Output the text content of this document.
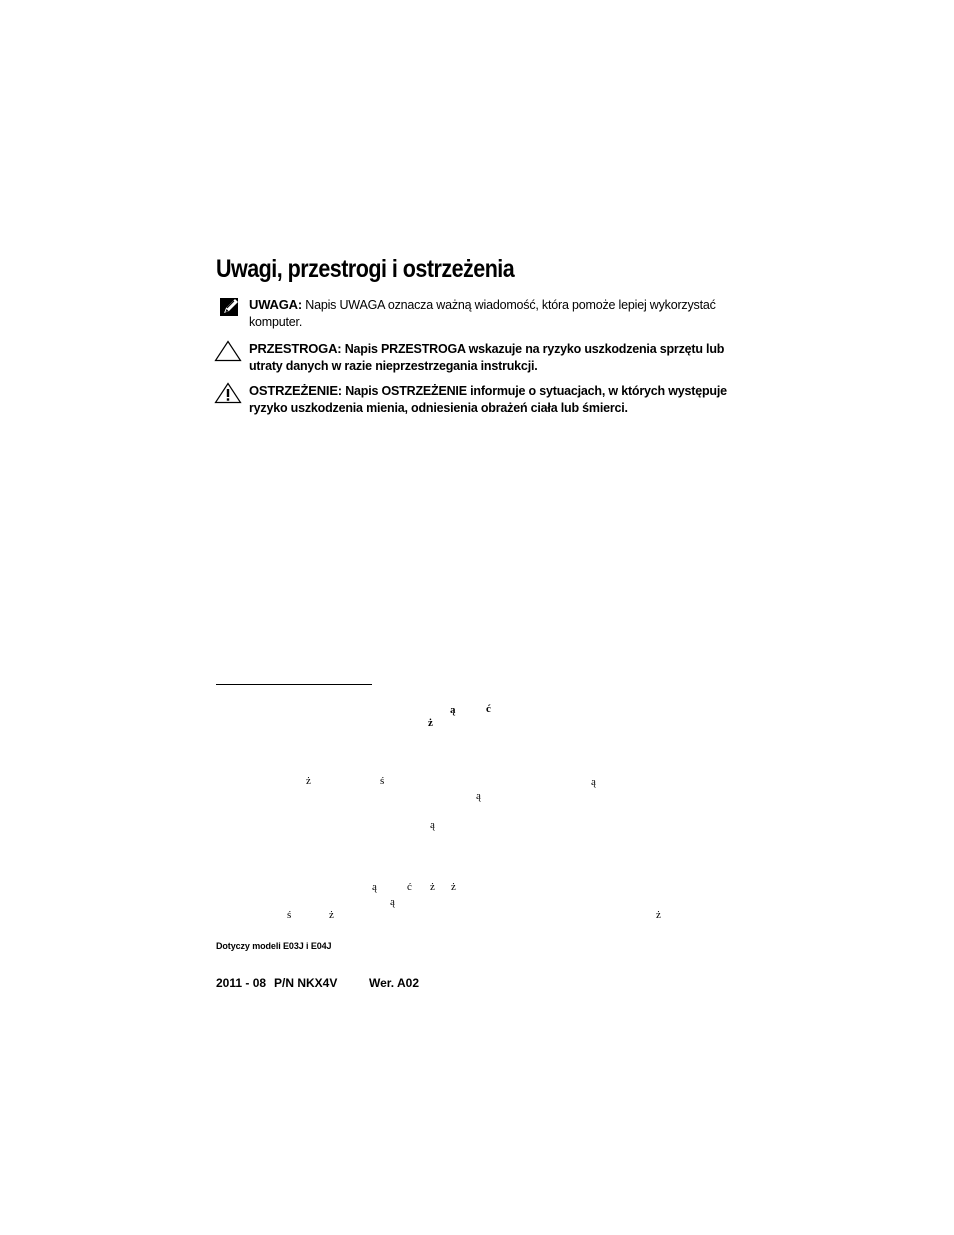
Uwagi, przestrogi i ostrzeżenia
UWAGA: Napis UWAGA oznacza ważną wiadomość, która pomoże lepiej wykorzystać komputer.
PRZESTROGA: Napis PRZESTROGA wskazuje na ryzyko uszkodzenia sprzętu lub utraty danych w razie nieprzestrzegania instrukcji.
OSTRZEŻENIE: Napis OSTRZEŻENIE informuje o sytuacjach, w których występuje ryzyko uszkodzenia mienia, odniesienia obrażeń ciała lub śmierci.
ą	ć
ż
ż	ś	ą
ą
ą
ą	ć ż ż
ą
ś	ż	ż
Dotyczy modeli E03J i E04J
2011 - 08 P/N NKX4V	Wer. A02
